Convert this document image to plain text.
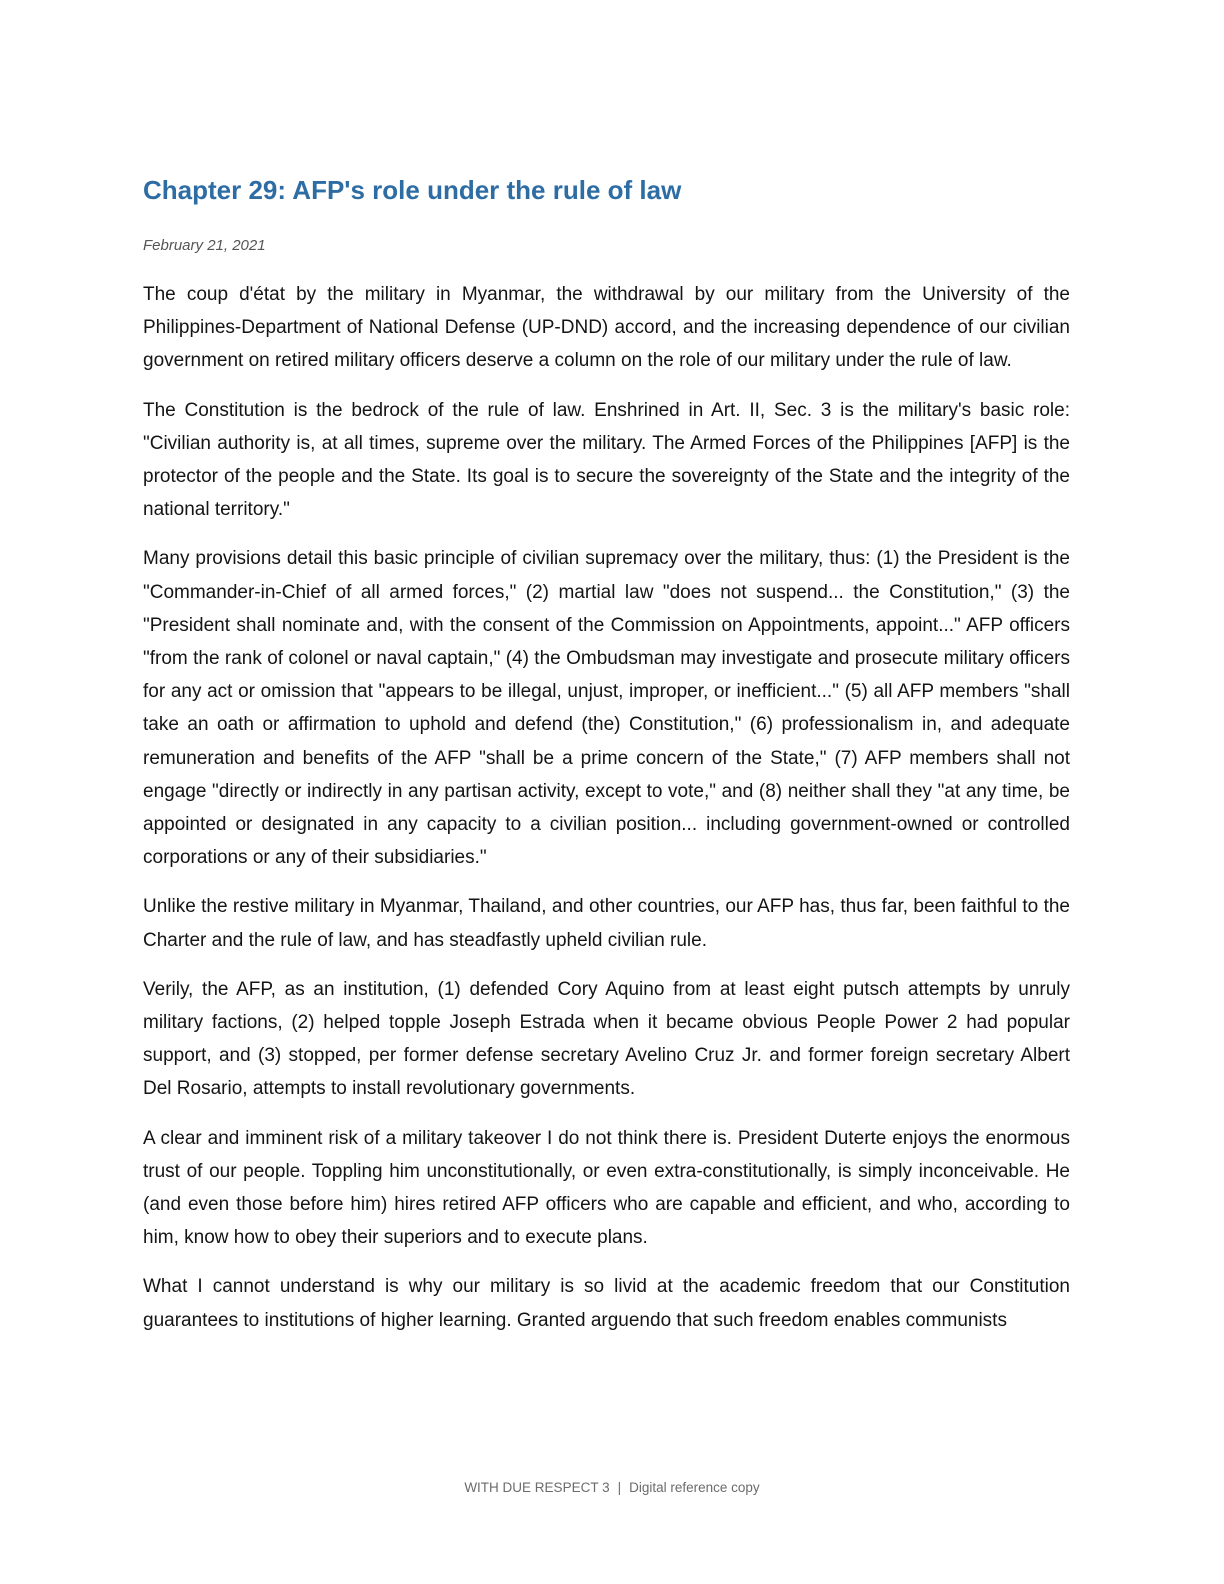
Chapter 29: AFP's role under the rule of law
February 21, 2021

The coup d'état by the military in Myanmar, the withdrawal by our military from the University of the Philippines-Department of National Defense (UP-DND) accord, and the increasing dependence of our civilian government on retired military officers deserve a column on the role of our military under the rule of law.

The Constitution is the bedrock of the rule of law. Enshrined in Art. II, Sec. 3 is the military's basic role: "Civilian authority is, at all times, supreme over the military. The Armed Forces of the Philippines [AFP] is the protector of the people and the State. Its goal is to secure the sovereignty of the State and the integrity of the national territory."

Many provisions detail this basic principle of civilian supremacy over the military, thus: (1) the President is the "Commander-in-Chief of all armed forces," (2) martial law "does not suspend... the Constitution," (3) the "President shall nominate and, with the consent of the Commission on Appointments, appoint..." AFP officers "from the rank of colonel or naval captain," (4) the Ombudsman may investigate and prosecute military officers for any act or omission that "appears to be illegal, unjust, improper, or inefficient..." (5) all AFP members "shall take an oath or affirmation to uphold and defend (the) Constitution," (6) professionalism in, and adequate remuneration and benefits of the AFP "shall be a prime concern of the State," (7) AFP members shall not engage "directly or indirectly in any partisan activity, except to vote," and (8) neither shall they "at any time, be appointed or designated in any capacity to a civilian position... including government-owned or controlled corporations or any of their subsidiaries."

Unlike the restive military in Myanmar, Thailand, and other countries, our AFP has, thus far, been faithful to the Charter and the rule of law, and has steadfastly upheld civilian rule.

Verily, the AFP, as an institution, (1) defended Cory Aquino from at least eight putsch attempts by unruly military factions, (2) helped topple Joseph Estrada when it became obvious People Power 2 had popular support, and (3) stopped, per former defense secretary Avelino Cruz Jr. and former foreign secretary Albert Del Rosario, attempts to install revolutionary governments.

A clear and imminent risk of a military takeover I do not think there is. President Duterte enjoys the enormous trust of our people. Toppling him unconstitutionally, or even extra-constitutionally, is simply inconceivable. He (and even those before him) hires retired AFP officers who are capable and efficient, and who, according to him, know how to obey their superiors and to execute plans.

What I cannot understand is why our military is so livid at the academic freedom that our Constitution guarantees to institutions of higher learning. Granted arguendo that such freedom enables communists

WITH DUE RESPECT 3 | Digital reference copy
